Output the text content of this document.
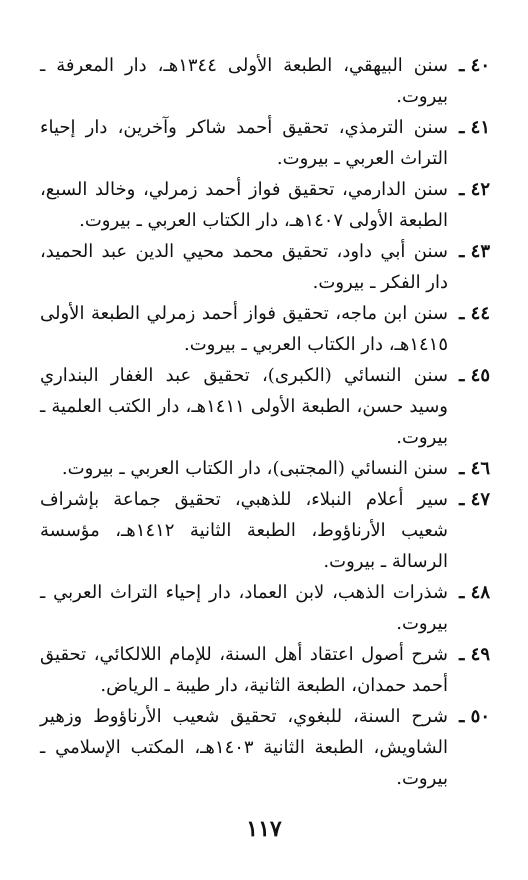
٤٠ ـ
سنن البيهقي، الطبعة الأولى ١٣٤٤هـ، دار المعرفة ـ بيروت.
٤١ ـ
سنن الترمذي، تحقيق أحمد شاكر وآخرين، دار إحياء التراث العربي ـ بيروت.
٤٢ ـ
سنن الدارمي، تحقيق فواز أحمد زمرلي، وخالد السبع، الطبعة الأولى ١٤٠٧هـ، دار الكتاب العربي ـ بيروت.
٤٣ ـ
سنن أبي داود، تحقيق محمد محيي الدين عبد الحميد، دار الفكر ـ بيروت.
٤٤ ـ
سنن ابن ماجه، تحقيق فواز أحمد زمرلي الطبعة الأولى ١٤١٥هـ، دار الكتاب العربي ـ بيروت.
٤٥ ـ
سنن النسائي (الكبرى)، تحقيق عبد الغفار البنداري وسيد حسن، الطبعة الأولى ١٤١١هـ، دار الكتب العلمية ـ بيروت.
٤٦ ـ
سنن النسائي (المجتبى)، دار الكتاب العربي ـ بيروت.
٤٧ ـ
سير أعلام النبلاء، للذهبي، تحقيق جماعة بإشراف شعيب الأرناؤوط، الطبعة الثانية ١٤١٢هـ، مؤسسة الرسالة ـ بيروت.
٤٨ ـ
شذرات الذهب، لابن العماد، دار إحياء التراث العربي ـ بيروت.
٤٩ ـ
شرح أصول اعتقاد أهل السنة، للإمام اللالكائي، تحقيق أحمد حمدان، الطبعة الثانية، دار طيبة ـ الرياض.
٥٠ ـ
شرح السنة، للبغوي، تحقيق شعيب الأرناؤوط وزهير الشاويش، الطبعة الثانية ١٤٠٣هـ، المكتب الإسلامي ـ بيروت.
١١٧
